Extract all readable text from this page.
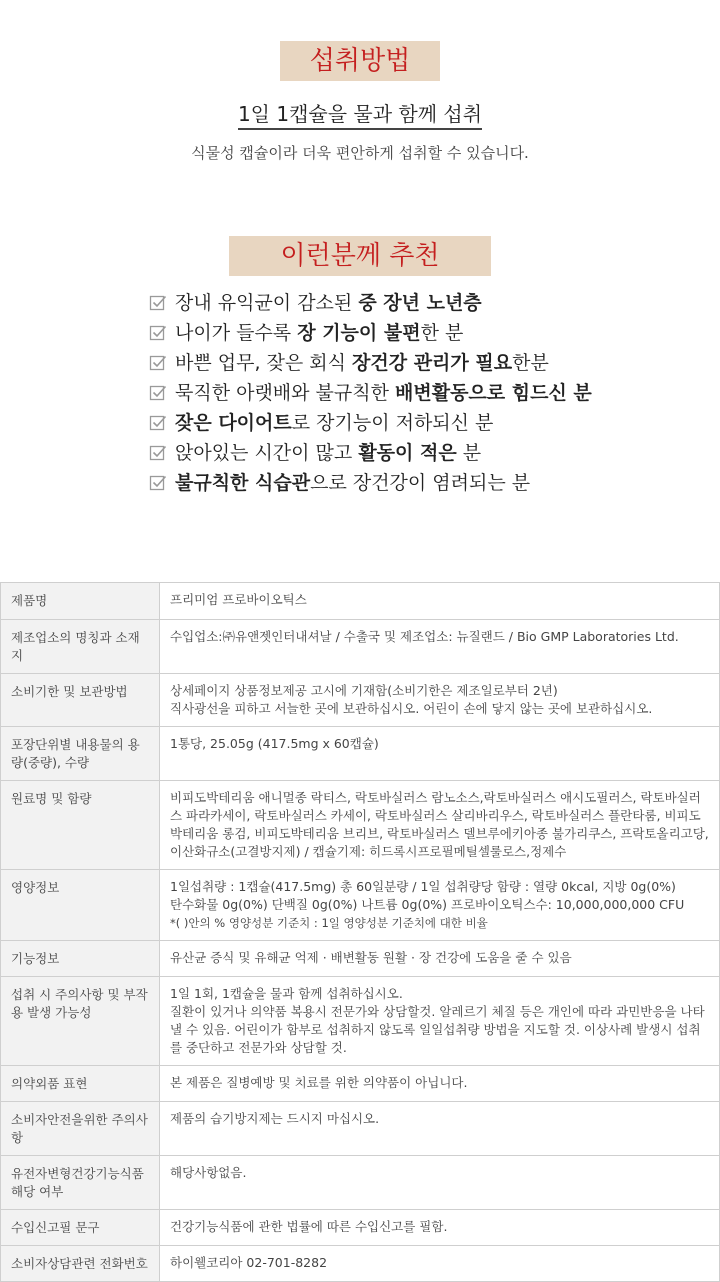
섭취방법
1일 1캡슐을 물과 함께 섭취
식물성 캡슐이라 더욱 편안하게 섭취할 수 있습니다.
이런분께 추천
장내 유익균이 감소된 중 장년 노년층
나이가 들수록 장 기능이 불편 한 분
바쁜 업무, 잦은 회식 장건강 관리가 필요 한분
묵직한 아랫배와 불규칙한 배변활동으로 힘드신 분
잦은 다이어트 로 장기능이 저하되신 분
앉아있는 시간이 많고 활동이 적은 분
불규칙한 식습관 으로 장건강이 염려되는 분
제품명	프리미엄 프로바이오틱스

제조업소의 명칭과 소재지	수입업소:㈜유앤젯인터내셔날 / 수출국 및 제조업소: 뉴질랜드 / Bio GMP Laboratories Ltd.

소비기한 및 보관방법	상세페이지 상품정보제공 고시에 기재함(소비기한은 제조일로부터 2년)
직사광선을 피하고 서늘한 곳에 보관하십시오. 어린이 손에 닿지 않는 곳에 보관하십시오.

포장단위별 내용물의 용량(중량), 수량	1통당, 25.05g (417.5mg x 60캡슐)

원료명 및 함량	비피도박테리움 애니멀종 락티스, 락토바실러스 람노소스,락토바실러스 애시도필러스, 락토바실러스 파라카세이, 락토바실러스 카세이, 락토바실러스 살리바리우스, 락토바실러스 플란타룸, 비피도박테리움 롱검, 비피도박테리움 브리브, 락토바실러스 델브루에키아종 불가리쿠스, 프락토올리고당,
이산화규소(고결방지제) / 캡슐기제: 히드록시프로필메틸셀룰로스,정제수

영양정보	1일섭취량 : 1캡슐(417.5mg) 총 60일분량 / 1일 섭취량당 함량 : 열량 0kcal, 지방 0g(0%)
탄수화물 0g(0%) 단백질 0g(0%) 나트륨 0g(0%) 프로바이오틱스수: 10,000,000,000 CFU
*( )안의 % 영양성분 기준치 : 1일 영양성분 기준치에 대한 비율

기능정보	유산균 증식 및 유해균 억제 · 배변활동 원활 · 장 건강에 도움을 줄 수 있음

섭취 시 주의사항 및 부작용 발생 가능성	1일 1회, 1캡슐을 물과 함께 섭취하십시오.
질환이 있거나 의약품 복용시 전문가와 상담할것. 알레르기 체질 등은 개인에 따라 과민반응을 나타낼 수 있음. 어린이가 함부로 섭취하지 않도록 일일섭취량 방법을 지도할 것. 이상사례 발생시 섭취를 중단하고 전문가와 상담할 것.

의약외품 표현	본 제품은 질병예방 및 치료를 위한 의약품이 아닙니다.

소비자안전을위한 주의사항	제품의 습기방지제는 드시지 마십시오.

유전자변형건강기능식품 해당 여부	해당사항없음.

수입신고필 문구	건강기능식품에 관한 법률에 따른 수입신고를 필함.

소비자상담관련 전화번호	하이웰코리아 02-701-8282
